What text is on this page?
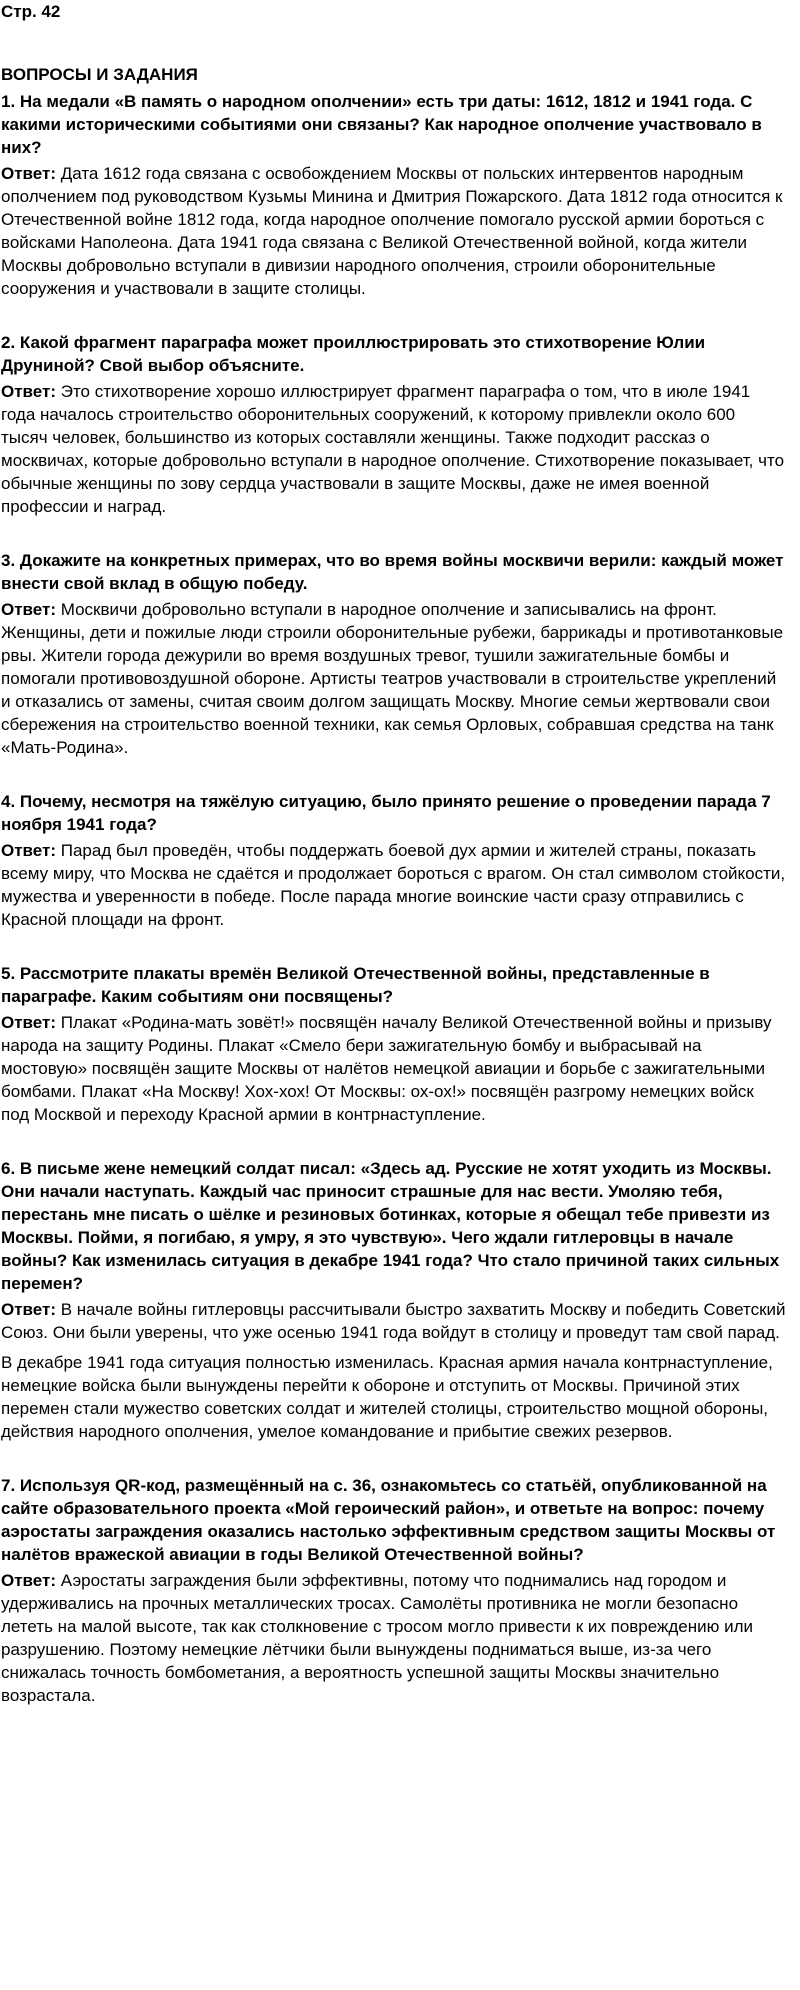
Стр. 42
ВОПРОСЫ И ЗАДАНИЯ
1. На медали «В память о народном ополчении» есть три даты: 1612, 1812 и 1941 года. С какими историческими событиями они связаны? Как народное ополчение участвовало в них?

Ответ: Дата 1612 года связана с освобождением Москвы от польских интервентов народным ополчением под руководством Кузьмы Минина и Дмитрия Пожарского. Дата 1812 года относится к Отечественной войне 1812 года, когда народное ополчение помогало русской армии бороться с войсками Наполеона. Дата 1941 года связана с Великой Отечественной войной, когда жители Москвы добровольно вступали в дивизии народного ополчения, строили оборонительные сооружения и участвовали в защите столицы.

2. Какой фрагмент параграфа может проиллюстрировать это стихотворение Юлии Друниной? Свой выбор объясните.

Ответ: Это стихотворение хорошо иллюстрирует фрагмент параграфа о том, что в июле 1941 года началось строительство оборонительных сооружений, к которому привлекли около 600 тысяч человек, большинство из которых составляли женщины. Также подходит рассказ о москвичах, которые добровольно вступали в народное ополчение. Стихотворение показывает, что обычные женщины по зову сердца участвовали в защите Москвы, даже не имея военной профессии и наград.

3. Докажите на конкретных примерах, что во время войны москвичи верили: каждый может внести свой вклад в общую победу.

Ответ: Москвичи добровольно вступали в народное ополчение и записывались на фронт. Женщины, дети и пожилые люди строили оборонительные рубежи, баррикады и противотанковые рвы. Жители города дежурили во время воздушных тревог, тушили зажигательные бомбы и помогали противовоздушной обороне. Артисты театров участвовали в строительстве укреплений и отказались от замены, считая своим долгом защищать Москву. Многие семьи жертвовали свои сбережения на строительство военной техники, как семья Орловых, собравшая средства на танк «Мать-Родина».

4. Почему, несмотря на тяжёлую ситуацию, было принято решение о проведении парада 7 ноября 1941 года?

Ответ: Парад был проведён, чтобы поддержать боевой дух армии и жителей страны, показать всему миру, что Москва не сдаётся и продолжает бороться с врагом. Он стал символом стойкости, мужества и уверенности в победе. После парада многие воинские части сразу отправились с Красной площади на фронт.

5. Рассмотрите плакаты времён Великой Отечественной войны, представленные в параграфе. Каким событиям они посвящены?

Ответ: Плакат «Родина-мать зовёт!» посвящён началу Великой Отечественной войны и призыву народа на защиту Родины. Плакат «Смело бери зажигательную бомбу и выбрасывай на мостовую» посвящён защите Москвы от налётов немецкой авиации и борьбе с зажигательными бомбами. Плакат «На Москву! Хох-хох! От Москвы: ох-ох!» посвящён разгрому немецких войск под Москвой и переходу Красной армии в контрнаступление.

6. В письме жене немецкий солдат писал: «Здесь ад. Русские не хотят уходить из Москвы. Они начали наступать. Каждый час приносит страшные для нас вести. Умоляю тебя, перестань мне писать о шёлке и резиновых ботинках, которые я обещал тебе привезти из Москвы. Пойми, я погибаю, я умру, я это чувствую». Чего ждали гитлеровцы в начале войны? Как изменилась ситуация в декабре 1941 года? Что стало причиной таких сильных перемен?

Ответ: В начале войны гитлеровцы рассчитывали быстро захватить Москву и победить Советский Союз. Они были уверены, что уже осенью 1941 года войдут в столицу и проведут там свой парад.

В декабре 1941 года ситуация полностью изменилась. Красная армия начала контрнаступление, немецкие войска были вынуждены перейти к обороне и отступить от Москвы. Причиной этих перемен стали мужество советских солдат и жителей столицы, строительство мощной обороны, действия народного ополчения, умелое командование и прибытие свежих резервов.

7. Используя QR-код, размещённый на с. 36, ознакомьтесь со статьёй, опубликованной на сайте образовательного проекта «Мой героический район», и ответьте на вопрос: почему аэростаты заграждения оказались настолько эффективным средством защиты Москвы от налётов вражеской авиации в годы Великой Отечественной войны?

Ответ: Аэростаты заграждения были эффективны, потому что поднимались над городом и удерживались на прочных металлических тросах. Самолёты противника не могли безопасно лететь на малой высоте, так как столкновение с тросом могло привести к их повреждению или разрушению. Поэтому немецкие лётчики были вынуждены подниматься выше, из-за чего снижалась точность бомбометания, а вероятность успешной защиты Москвы значительно возрастала.
